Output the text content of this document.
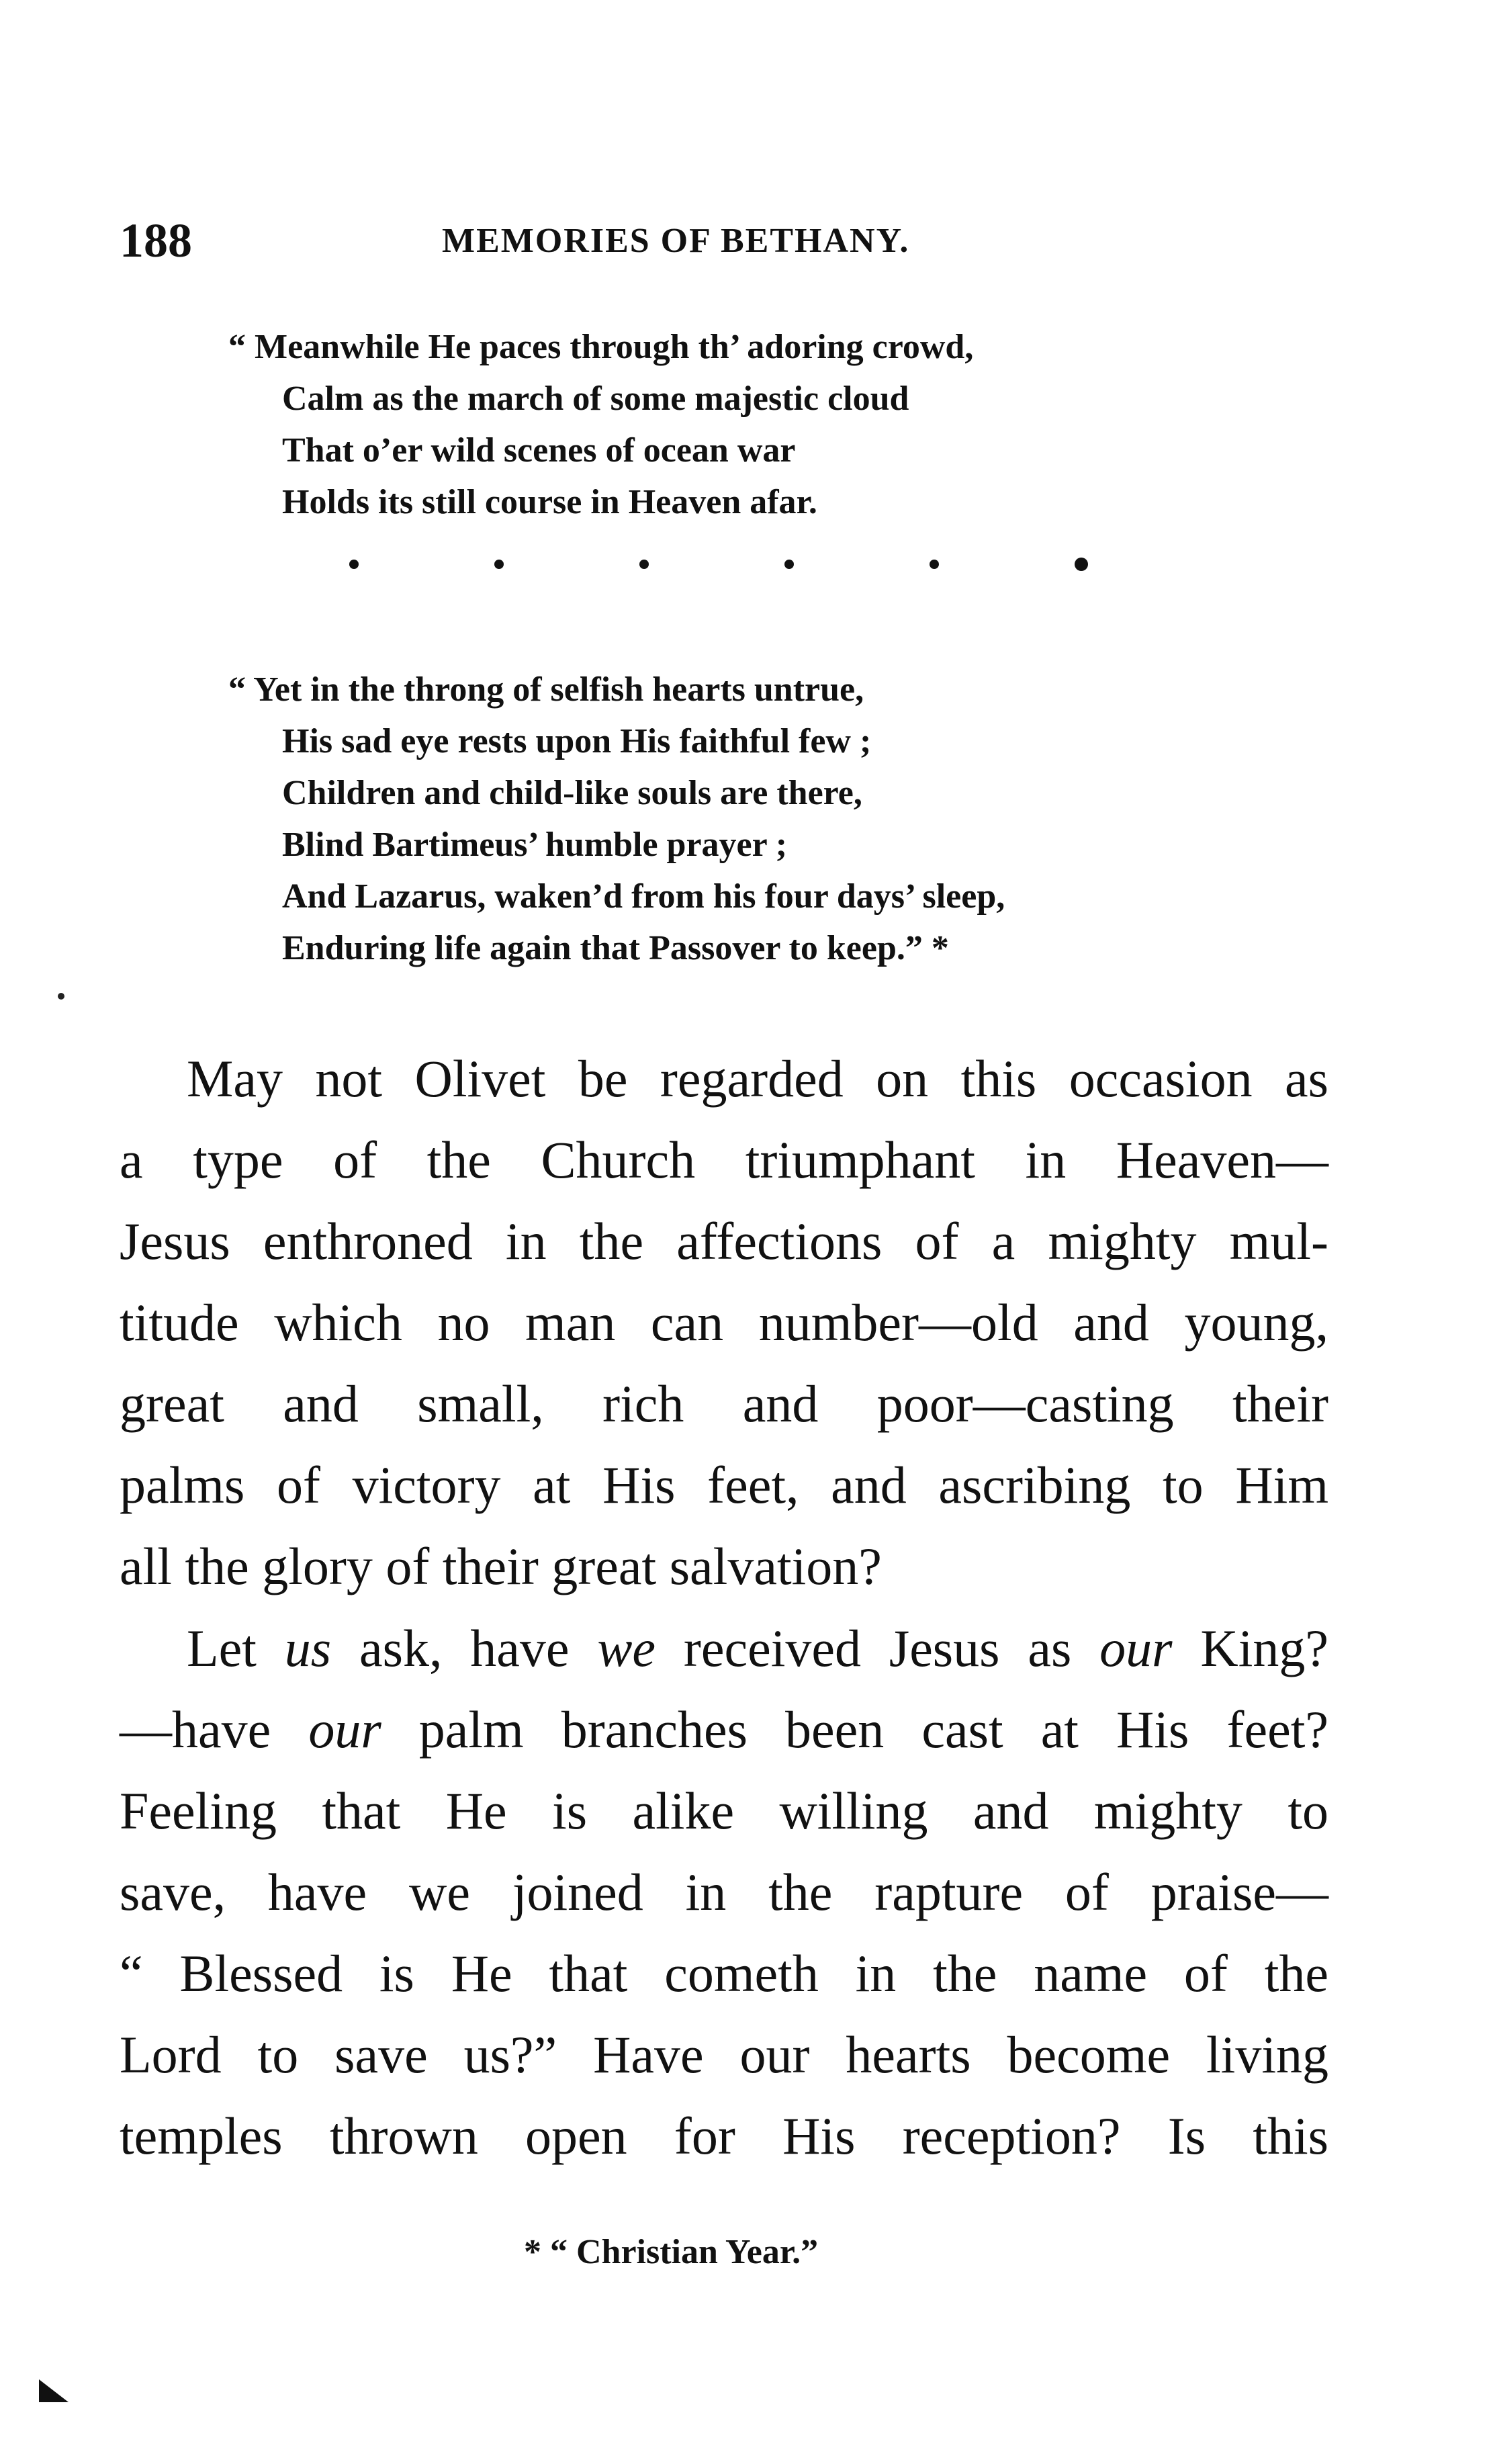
188	MEMORIES OF BETHANY.
“ Meanwhile He paces through th’ adoring crowd,
Calm as the march of some majestic cloud
That o’er wild scenes of ocean war
Holds its still course in Heaven afar.
“ Yet in the throng of selfish hearts untrue,
His sad eye rests upon His faithful few ;
Children and child-like souls are there,
Blind Bartimeus’ humble prayer ;
And Lazarus, waken’d from his four days’ sleep,
Enduring life again that Passover to keep.” *
May not Olivet be regarded on this occasion as
a type of the Church triumphant in Heaven—
Jesus enthroned in the affections of a mighty mul-
titude which no man can number—old and young,
great and small, rich and poor—casting their
palms of victory at His feet, and ascribing to Him
all the glory of their great salvation?
Let us ask, have we received Jesus as our King?
—have our palm branches been cast at His feet?
Feeling that He is alike willing and mighty to
save, have we joined in the rapture of praise—
“ Blessed is He that cometh in the name of the
Lord to save us?” Have our hearts become living
temples thrown open for His reception? Is this
* “ Christian Year.”
